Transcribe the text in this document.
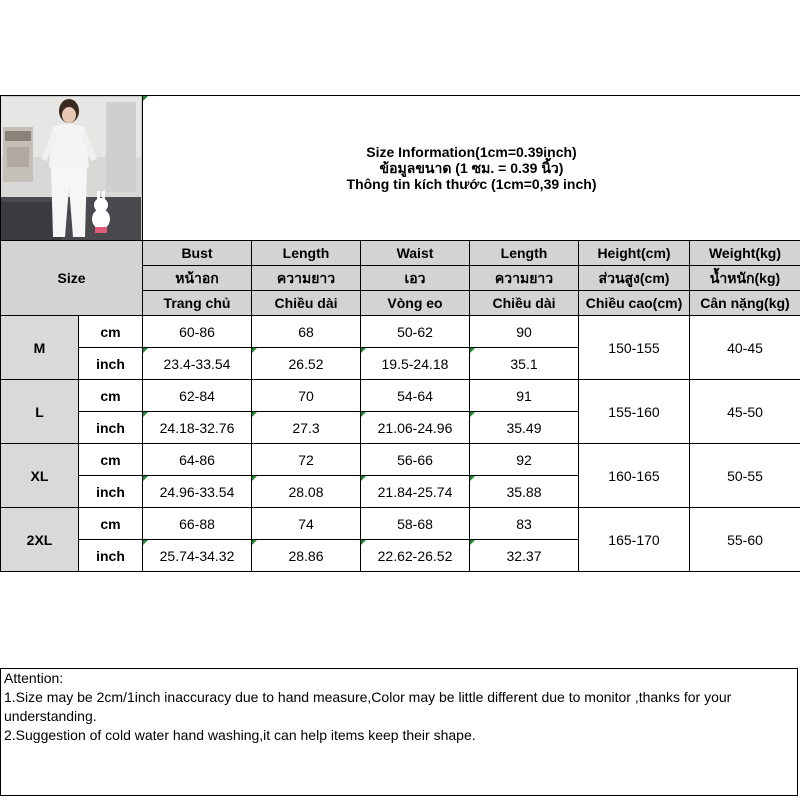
Size Information(1cm=0.39inch)
ข้อมูลขนาด (1 ซม. = 0.39 นิ้ว)
Thông tin kích thước (1cm=0,39 inch)					

Size		Bust	Length	Waist	Length	Height(cm)	Weight(kg)
		หน้าอก	ความยาว	เอว	ความยาว	ส่วนสูง(cm)	น้ำหนัก(kg)
		Trang chủ	Chiều dài	Vòng eo	Chiều dài	Chiều cao(cm)	Cân nặng(kg)
M	cm	60-86	68	50-62	90	150-155	40-45
	inch	23.4-33.54	26.52	19.5-24.18	35.1		

L	cm	62-84	70	54-64	91	155-160	45-50
	inch	24.18-32.76	27.3	21.06-24.96	35.49		

XL	cm	64-86	72	56-66	92	160-165	50-55
	inch	24.96-33.54	28.08	21.84-25.74	35.88		

2XL	cm	66-88	74	58-68	83	165-170	55-60
	inch	25.74-34.32	28.86	22.62-26.52	32.37		
Attention:
1.Size may be 2cm/1inch inaccuracy due to hand measure,Color may be little different due to monitor ,thanks for your understanding.
2.Suggestion of cold water hand washing,it can help items keep their shape.
